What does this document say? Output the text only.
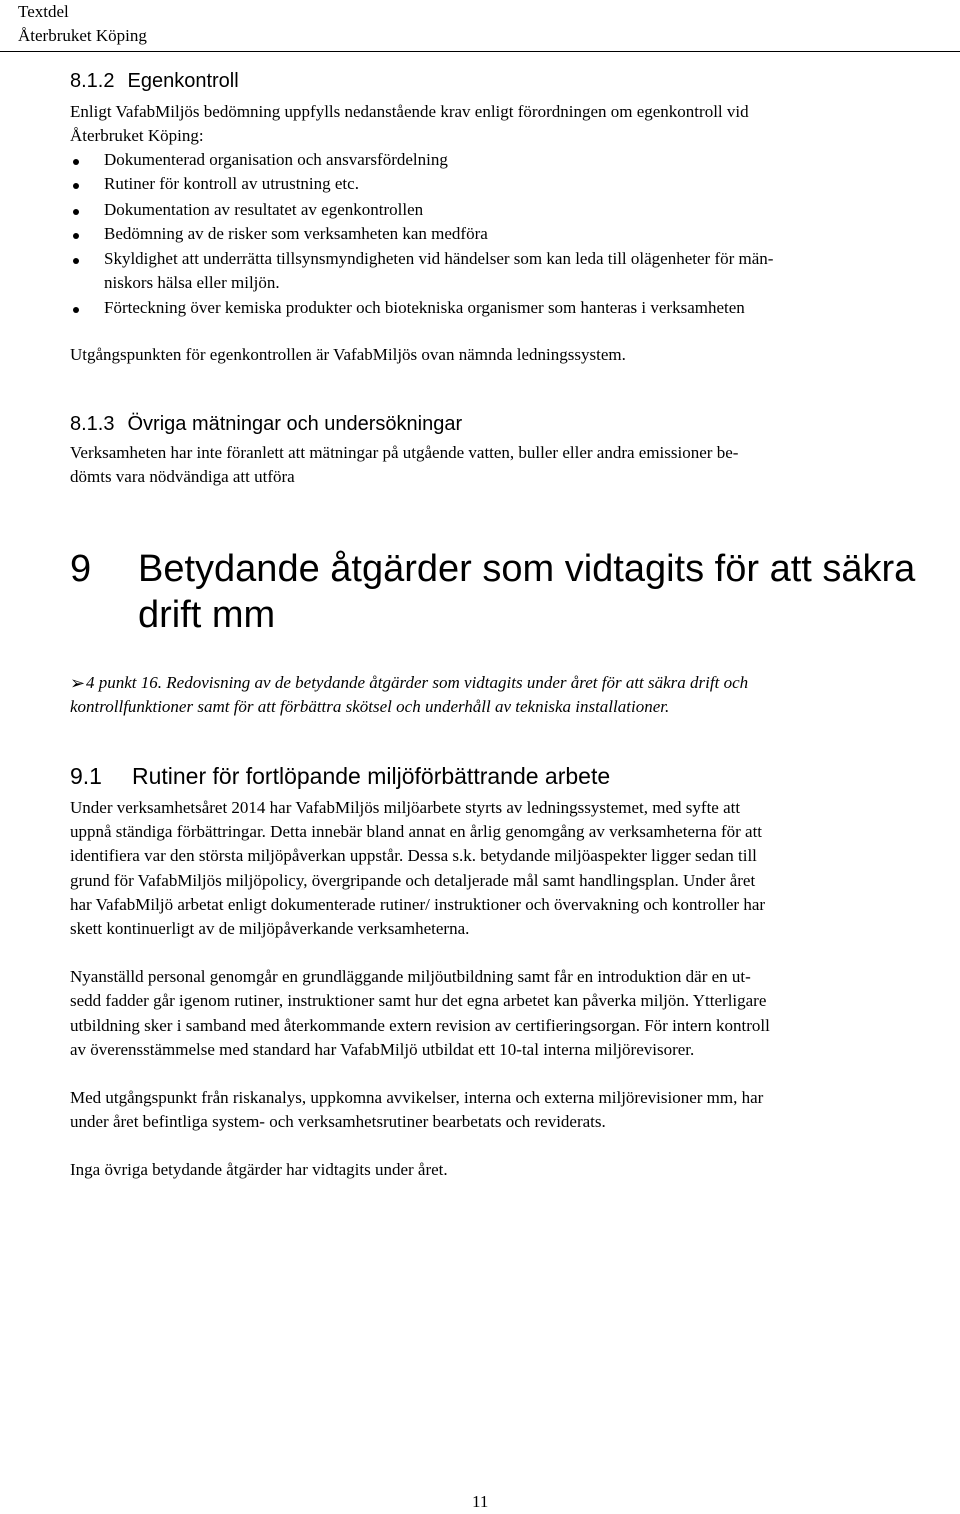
Textdel
Återbruket Köping
8.1.2 Egenkontroll
Enligt VafabMiljös bedömning uppfylls nedanstående krav enligt förordningen om egenkontroll vid
Återbruket Köping:
Dokumenterad organisation och ansvarsfördelning
Rutiner för kontroll av utrustning etc.
Dokumentation av resultatet av egenkontrollen
Bedömning av de risker som verksamheten kan medföra
Skyldighet att underrätta tillsynsmyndigheten vid händelser som kan leda till olägenheter för män-
niskors hälsa eller miljön.
Förteckning över kemiska produkter och biotekniska organismer som hanteras i verksamheten
Utgångspunkten för egenkontrollen är VafabMiljös ovan nämnda ledningssystem.
8.1.3 Övriga mätningar och undersökningar
Verksamheten har inte föranlett att mätningar på utgående vatten, buller eller andra emissioner be-
dömts vara nödvändiga att utföra
9 Betydande åtgärder som vidtagits för att säkra
drift mm
➢ 4 punkt 16. Redovisning av de betydande åtgärder som vidtagits under året för att säkra drift och
kontrollfunktioner samt för att förbättra skötsel och underhåll av tekniska installationer.
9.1 Rutiner för fortlöpande miljöförbättrande arbete
Under verksamhetsåret 2014 har VafabMiljös miljöarbete styrts av ledningssystemet, med syfte att
uppnå ständiga förbättringar. Detta innebär bland annat en årlig genomgång av verksamheterna för att
identifiera var den största miljöpåverkan uppstår. Dessa s.k. betydande miljöaspekter ligger sedan till
grund för VafabMiljös miljöpolicy, övergripande och detaljerade mål samt handlingsplan. Under året
har VafabMiljö arbetat enligt dokumenterade rutiner/ instruktioner och övervakning och kontroller har
skett kontinuerligt av de miljöpåverkande verksamheterna.
Nyanställd personal genomgår en grundläggande miljöutbildning samt får en introduktion där en ut-
sedd fadder går igenom rutiner, instruktioner samt hur det egna arbetet kan påverka miljön. Ytterligare
utbildning sker i samband med återkommande extern revision av certifieringsorgan. För intern kontroll
av överensstämmelse med standard har VafabMiljö utbildat ett 10-tal interna miljörevisorer.
Med utgångspunkt från riskanalys, uppkomna avvikelser, interna och externa miljörevisioner mm, har
under året befintliga system- och verksamhetsrutiner bearbetats och reviderats.
Inga övriga betydande åtgärder har vidtagits under året.
11
